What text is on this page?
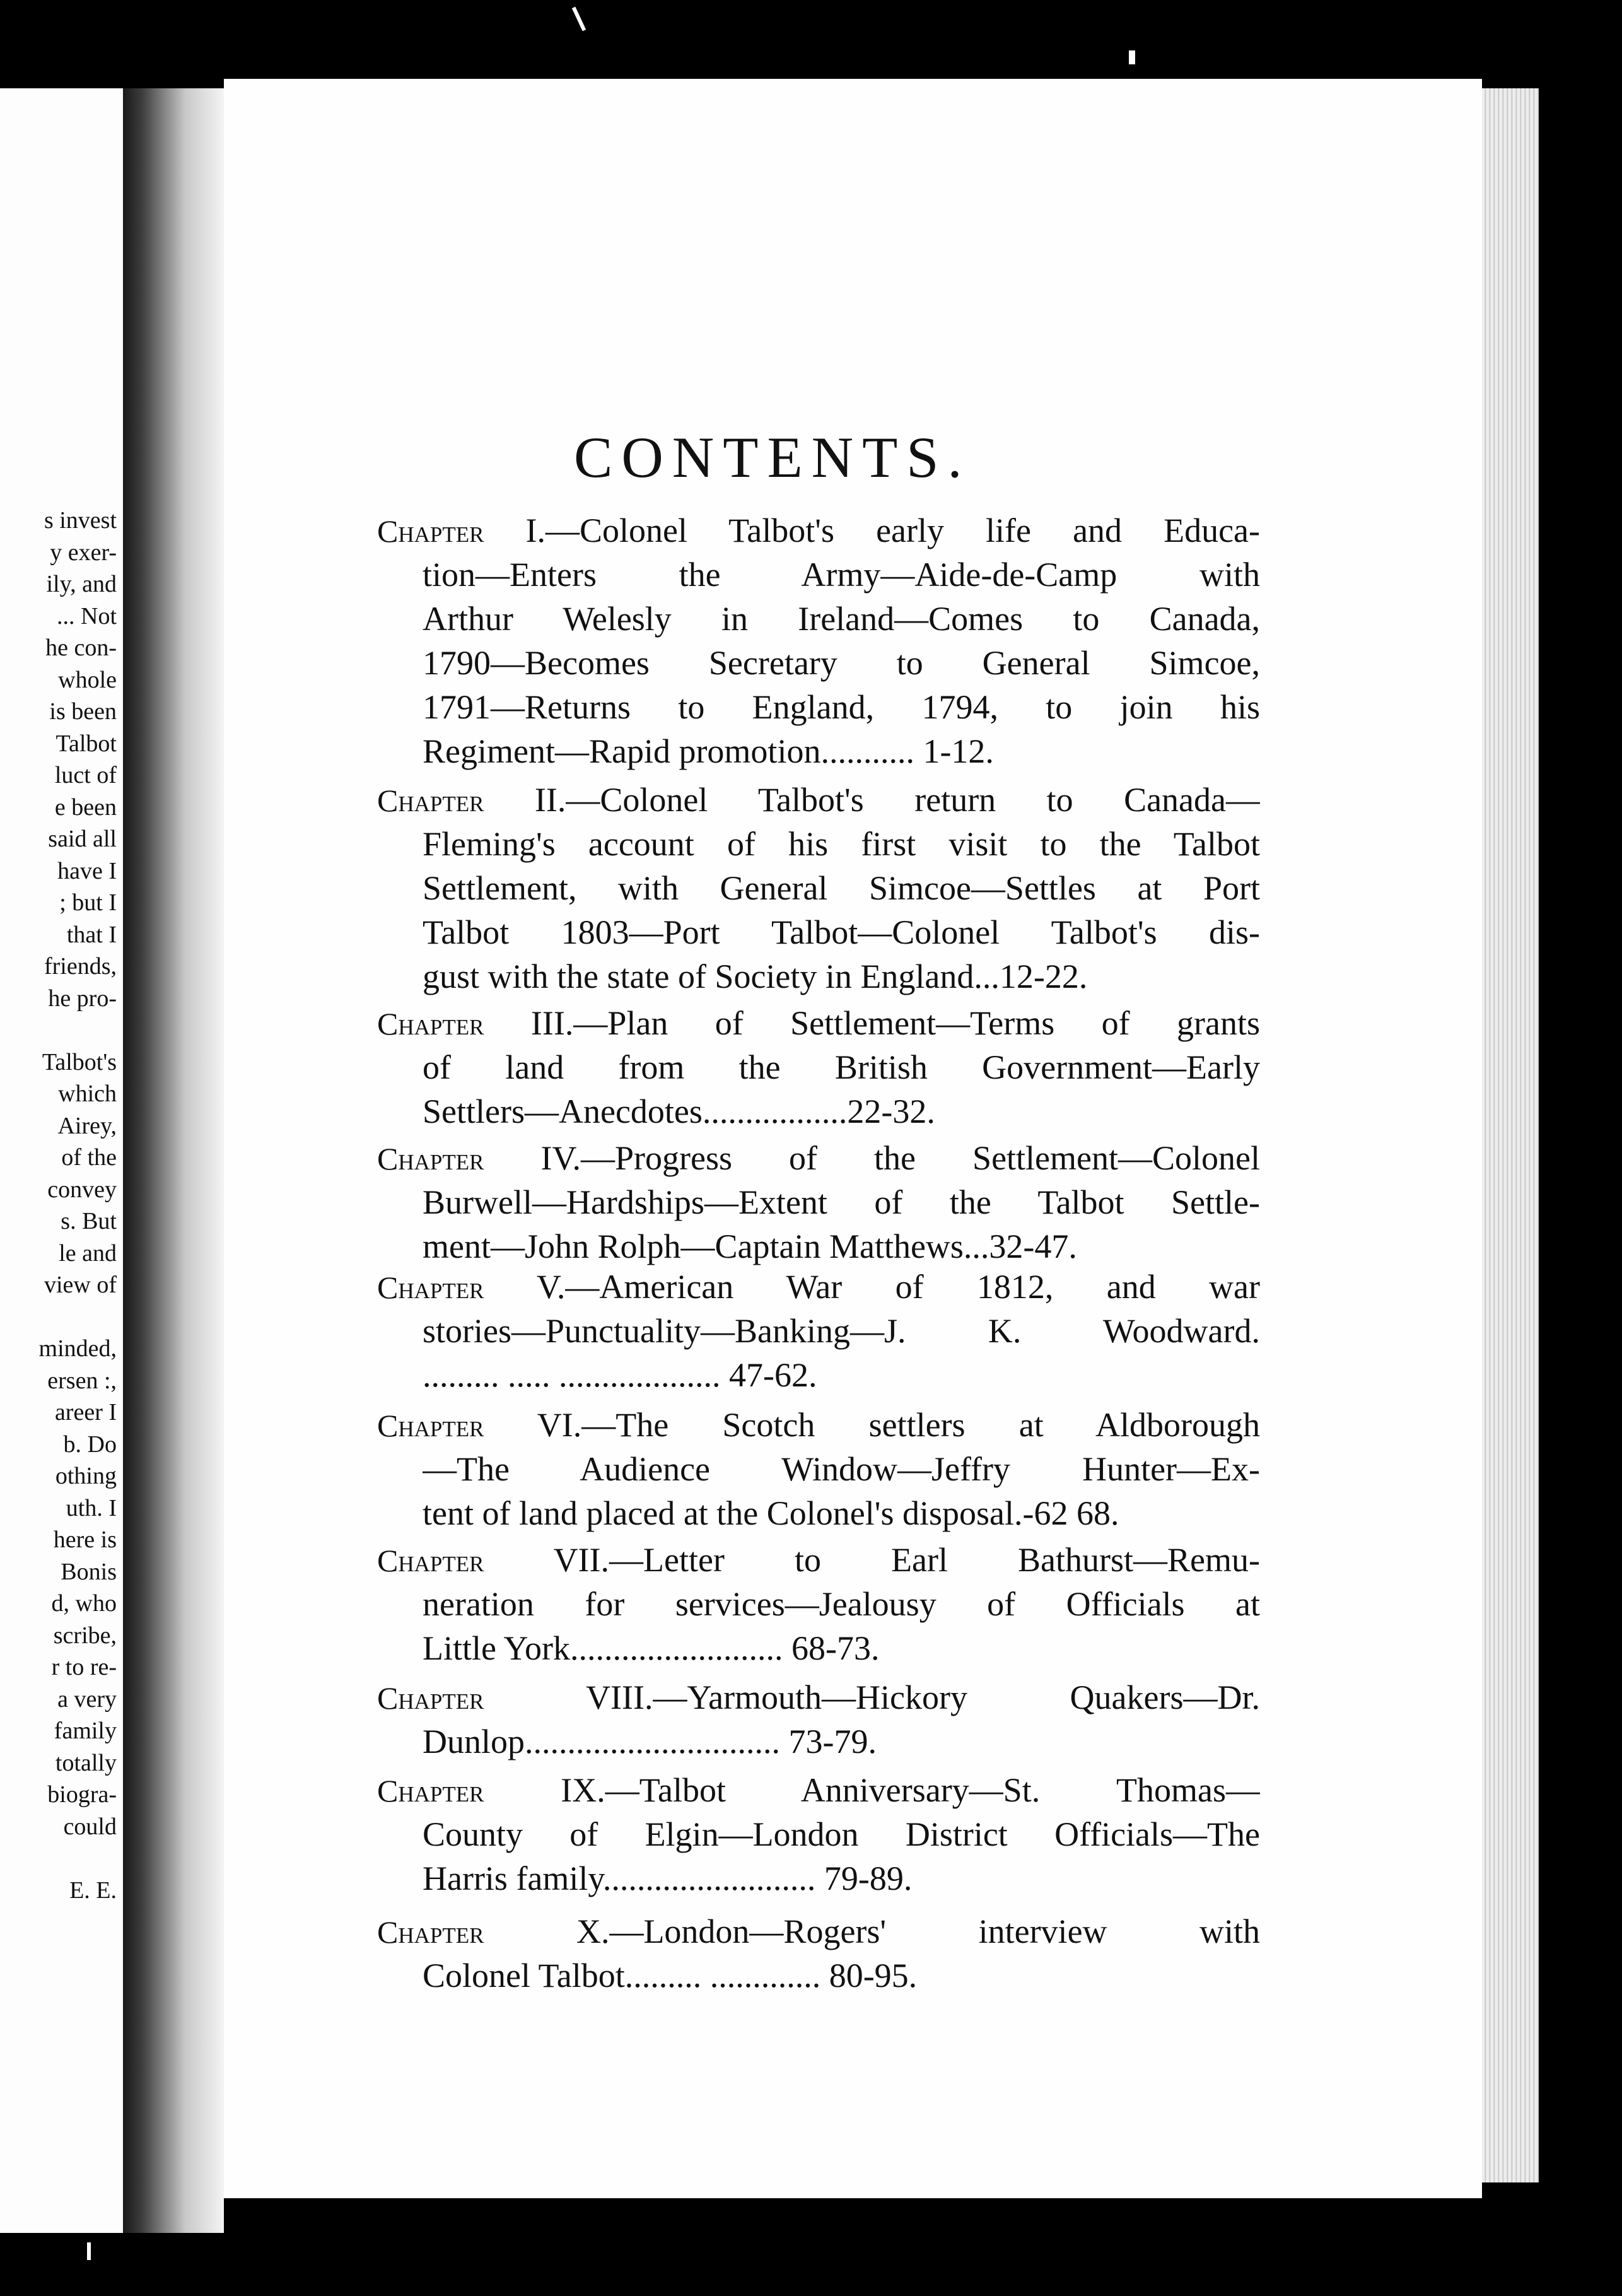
s invest
y exer-
ily, and
... Not
he con-
whole
is been
Talbot
luct of
e been
said all
have I
; but I
that I
friends,
he pro-
Talbot's
which
Airey,
of the
convey
s. But
le and
view of
minded,
ersen :,
areer I
b. Do
othing
uth. I
here is
Bonis
d, who
scribe,
r to re-
a very
family
totally
biogra-
could
E. E.
CONTENTS.
Chapter I.—Colonel Talbot's early life and Educa-
tion—Enters the Army—Aide-de-Camp with
Arthur Welesly in Ireland—Comes to Canada,
1790—Becomes Secretary to General Simcoe,
1791—Returns to England, 1794, to join his
Regiment—Rapid promotion........... 1-12.
Chapter II.—Colonel Talbot's return to Canada—
Fleming's account of his first visit to the Talbot
Settlement, with General Simcoe—Settles at Port
Talbot 1803—Port Talbot—Colonel Talbot's dis-
gust with the state of Society in England...12-22.
Chapter III.—Plan of Settlement—Terms of grants
of land from the British Government—Early
Settlers—Anecdotes.................22-32.
Chapter IV.—Progress of the Settlement—Colonel
Burwell—Hardships—Extent of the Talbot Settle-
ment—John Rolph—Captain Matthews...32-47.
Chapter V.—American War of 1812, and war
stories—Punctuality—Banking—J. K. Woodward.
......... ..... ................... 47-62.
Chapter VI.—The Scotch settlers at Aldborough
—The Audience Window—Jeffry Hunter—Ex-
tent of land placed at the Colonel's disposal.-62 68.
Chapter VII.—Letter to Earl Bathurst—Remu-
neration for services—Jealousy of Officials at
Little York......................... 68-73.
Chapter VIII.—Yarmouth—Hickory Quakers—Dr.
Dunlop.............................. 73-79.
Chapter IX.—Talbot Anniversary—St. Thomas—
County of Elgin—London District Officials—The
Harris family......................... 79-89.
Chapter X.—London—Rogers' interview with
Colonel Talbot......... ............. 80-95.
